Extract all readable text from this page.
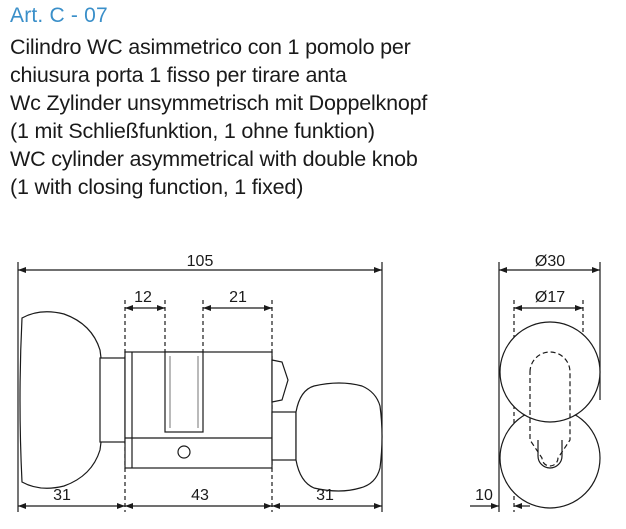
Art. C - 07
Cilindro WC asimmetrico con 1 pomolo per
chiusura porta 1 fisso per tirare anta
Wc Zylinder unsymmetrisch mit Doppelknopf
(1 mit Schließfunktion, 1 ohne funktion)
WC cylinder asymmetrical with double knob
(1 with closing function, 1 fixed)
105
12	21
31	43	31
Ø30
Ø17
10
